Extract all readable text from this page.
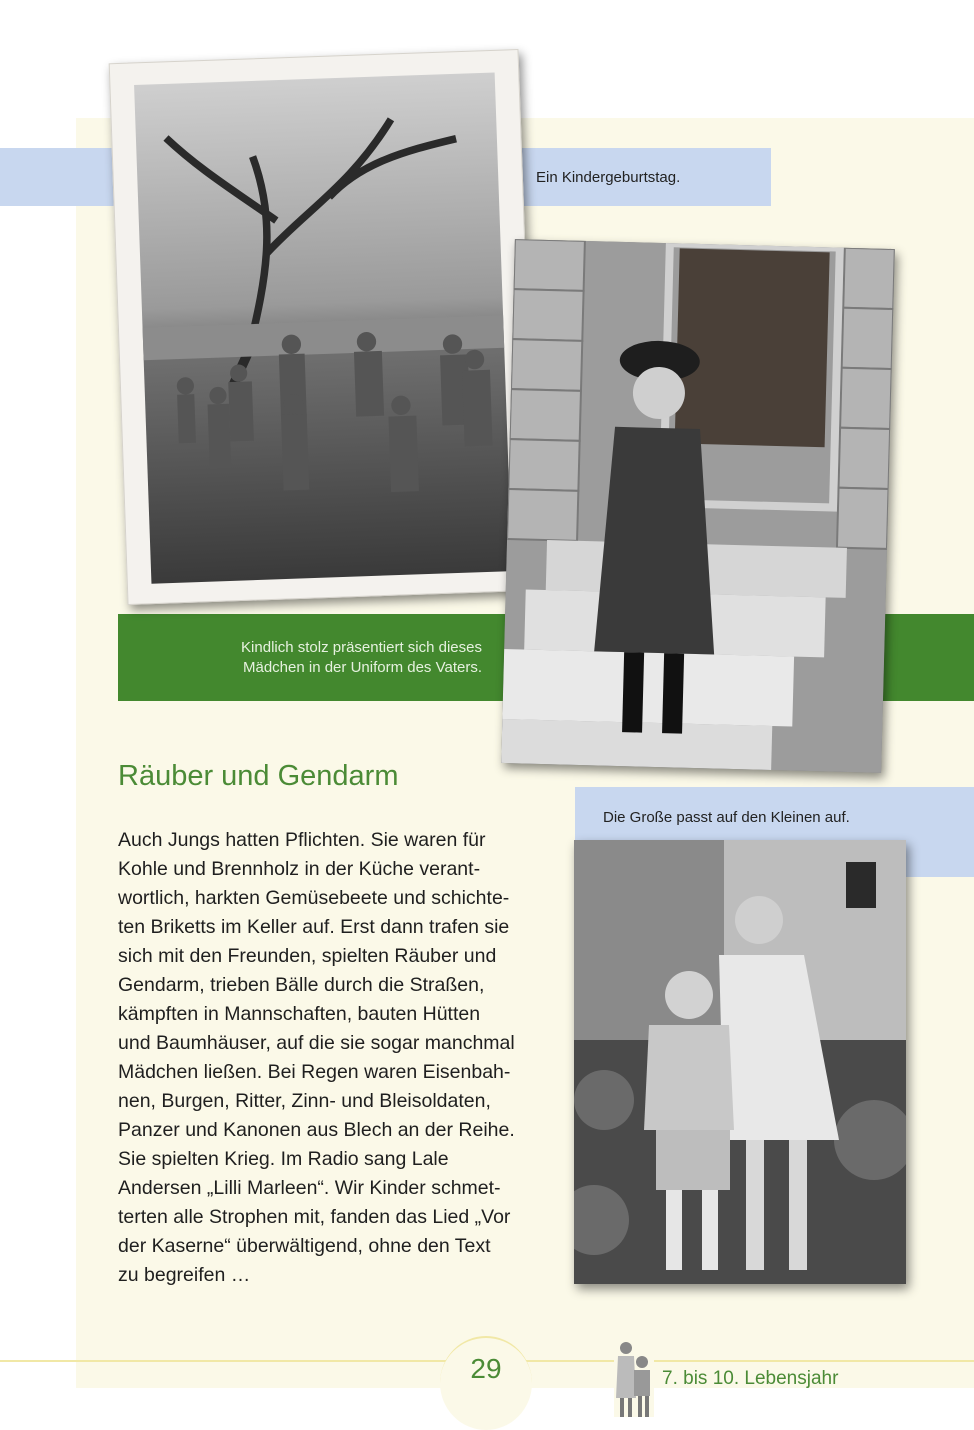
Ein Kindergeburtstag.
Kindlich stolz präsentiert sich dieses
Mädchen in der Uniform des Vaters.
Räuber und Gendarm
Auch Jungs hatten Pflichten. Sie waren für
Kohle und Brennholz in der Küche verant-
wortlich, harkten Gemüsebeete und schichte-
ten Briketts im Keller auf. Erst dann trafen sie
sich mit den Freunden, spielten Räuber und
Gendarm, trieben Bälle durch die Straßen,
kämpften in Mannschaften, bauten Hütten
und Baumhäuser, auf die sie sogar manchmal
Mädchen ließen. Bei Regen waren Eisenbah-
nen, Burgen, Ritter, Zinn- und Bleisoldaten,
Panzer und Kanonen aus Blech an der Reihe.
Sie spielten Krieg. Im Radio sang Lale
Andersen „Lilli Marleen“. Wir Kinder schmet-
terten alle Strophen mit, fanden das Lied „Vor
der Kaserne“ überwältigend, ohne den Text
zu begreifen …
Die Große passt auf den Kleinen auf.
29	7. bis 10. Lebensjahr
